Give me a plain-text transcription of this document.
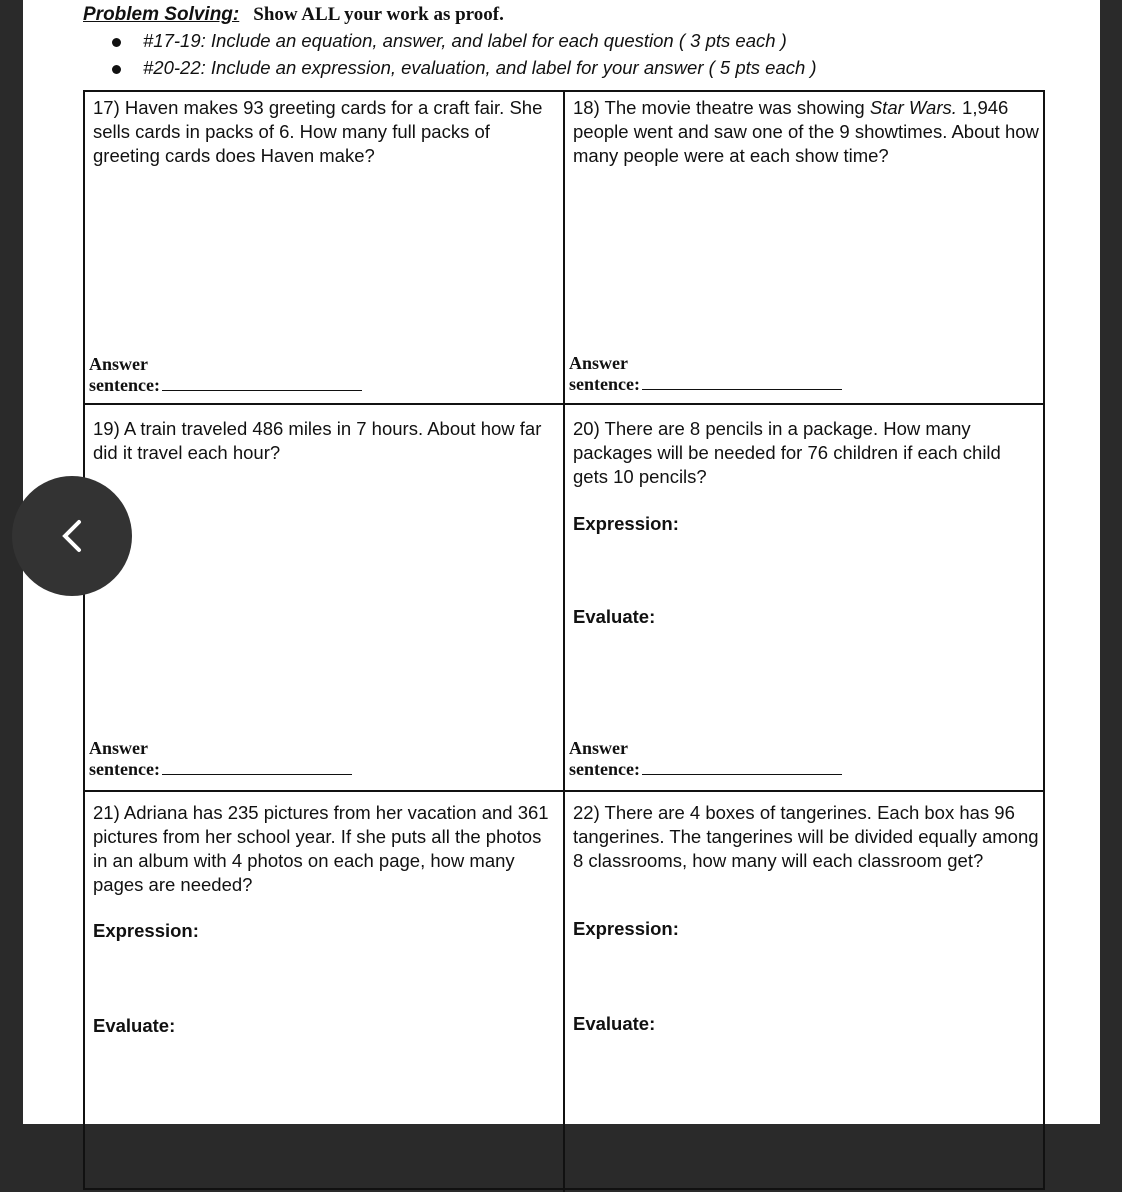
Problem Solving: Show ALL your work as proof.
#17-19: Include an equation, answer, and label for each question ( 3 pts each )
#20-22: Include an expression, evaluation, and label for your answer ( 5 pts each )
17) Haven makes 93 greeting cards for a craft fair. She sells cards in packs of 6. How many full packs of greeting cards does Haven make?
Answer
sentence:
18) The movie theatre was showing Star Wars. 1,946 people went and saw one of the 9 showtimes. About how many people were at each show time?
Answer
sentence:
19) A train traveled 486 miles in 7 hours. About how far did it travel each hour?
Answer
sentence:
20) There are 8 pencils in a package. How many packages will be needed for 76 children if each child gets 10 pencils?
Expression:
Evaluate:
Answer
sentence:
21) Adriana has 235 pictures from her vacation and 361 pictures from her school year. If she puts all the photos in an album with 4 photos on each page, how many pages are needed?
Expression:
Evaluate:
22) There are 4 boxes of tangerines. Each box has 96 tangerines. The tangerines will be divided equally among 8 classrooms, how many will each classroom get?
Expression:
Evaluate:
